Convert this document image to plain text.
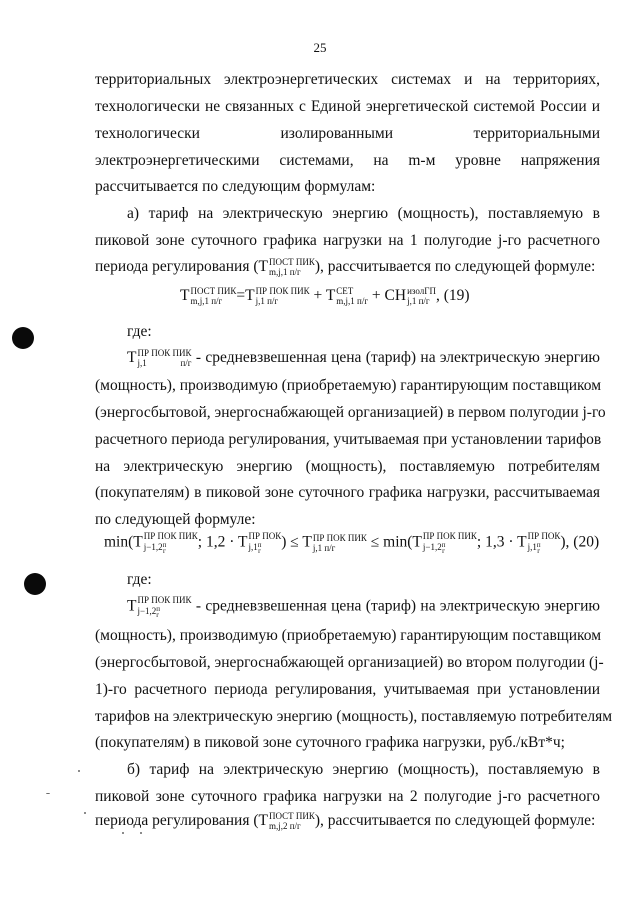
25
территориальных электроэнергетических системах и на территориях,
технологически не связанных с Единой энергетической системой России и
технологически изолированными территориальными
электроэнергетическими системами, на m-м уровне напряжения
рассчитывается по следующим формулам:
а) тариф на электрическую энергию (мощность), поставляемую в
пиковой зоне суточного графика нагрузки на 1 полугодие j-го расчетного
периода регулирования (T ПОСТ ПИК
m,j,1 п/г ), рассчитывается по следующей формуле:
T ПОСТ ПИК
m,j,1 п/г =T ПР ПОК ПИК
j,1 п/г	+ T СЕТ
m,j,1 п/г + CH изолГП
j,1 п/г , (19)
где:
T ПР ПОК ПИК
j,1 п/г - средневзвешенная цена (тариф) на электрическую энергию
(мощность), производимую (приобретаемую) гарантирующим поставщиком
(энергосбытовой, энергоснабжающей организацией) в первом полугодии j-го
расчетного периода регулирования, учитываемая при установлении тарифов
на электрическую энергию (мощность), поставляемую потребителям
(покупателям) в пиковой зоне суточного графика нагрузки, рассчитываемая
по следующей формуле:
min(T ПР ПОК ПИК
j−1,2 п
г
; 1,2 · T ПР ПОК
j,1 п
г
) ≤ T ПР ПОК ПИК
j,1 п/г	≤ min(T ПР ПОК ПИК
j−1,2 п
г
; 1,3 · T ПР ПОК
j,1 п
г
), (20)
где:
T ПР ПОК ПИК
j−1,2 п
г
- средневзвешенная цена (тариф) на электрическую энергию
(мощность), производимую (приобретаемую) гарантирующим поставщиком
(энергосбытовой, энергоснабжающей организацией) во втором полугодии (j-
1)-го расчетного периода регулирования, учитываемая при установлении
тарифов на электрическую энергию (мощность), поставляемую потребителям
(покупателям) в пиковой зоне суточного графика нагрузки, руб./кВт*ч;
б) тариф на электрическую энергию (мощность), поставляемую в
пиковой зоне суточного графика нагрузки на 2 полугодие j-го расчетного
периода регулирования (T ПОСТ ПИК
m,j,2 п/г ), рассчитывается по следующей формуле:
